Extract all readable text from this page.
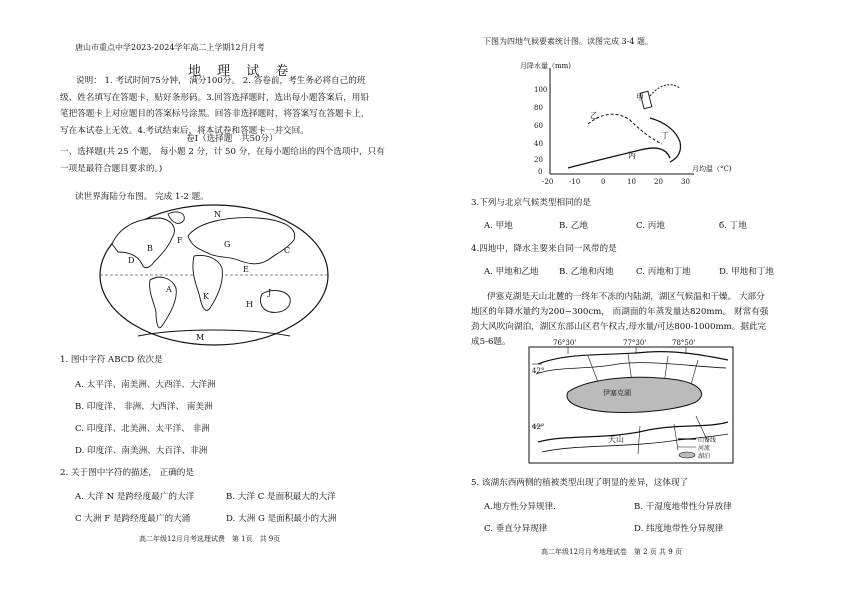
唐山市重点中学2023-2024学年高二上学期12月月考
地 理 试 卷
说明： 1. 考试时间75分钟， 满分100分。 2. 答卷前，考生务必将自己的班级、姓名填写在答题卡，贴好条形码。3.回答选择题时，选出每小题答案后，用铅笔把答题卡上对应题目的答案标号涂黑。回答非选择题时，将答案写在答题卡上，写在本试卷上无效。4.考试结束后，将本试卷和答题卡一并交回。
卷Ⅰ（选择题　共50分）
一、选择题(共 25 个题， 每小题 2 分，计 50 分，在每小题给出的四个选项中，只有
一项是最符合题目要求的。)
读世界海陆分布图。 完成 1-2 题。
N
F
C
G
B
D
E
A
K
H
J
M
1. 图中字符 ABCD 依次是
A. 太平洋、南美洲、大西洋、大洋洲
B. 印度洋、 非洲、大西洋、 南美洲
C. 印度洋、北美洲、太平洋、 非洲
D. 印度洋、南美洲、大百洋、非洲
2. 关于图中字符的描述， 正确的是
A. 大洋 N 是跨经度最广的大洋	B. 大洋 C 是面积最大的大洋
C 大洲 F 是跨经度最广的大涌	D. 大洲 G 是面积最小的大洲
高二年级12月月考选理试费　第 1页　共 9页
下图为四地气候要素统计图。读图完成 3-4 题。
月降水量（mm)
100
80
60
40
20
0
-20 -10	0	10	20	30
月均温（°C)
甲
乙
丙
丁
3.下列与北京气候类型相同的是
A. 甲地	B. 乙地	C. 丙地	б. 丁地
4.四地中，降水主要来自同一风带的是
A. 甲地和乙地 B. 乙地和丙地	C. 丙地和丁地	D. 甲地和丁地
伊塞克湖是天山北麓的一终年不冻的内陆湖，湖区气候温和干燥。 大部分地区的年降水量约为200~300cm， 而湖面的年蒸发量达820mm。 财常有强劲大风吹向湖泊，湖区东部山区君午权古,母水量/可达800-1000mm。据此完成5-6题。	76°30'	77°30'	78°50'
42°
42°
伊塞克湖
天山	山脊线
河流
湖泊
5. 该湖东西两侧的植被类型出现了明显的差异，这体现了
A.地方性分异规律.	B. 干湿度地带性分异放律
C. 垂直分异规律	D. 纬度地带性分异规律
高二年级12月月考地理试卷　第 2 页 共 9 页
